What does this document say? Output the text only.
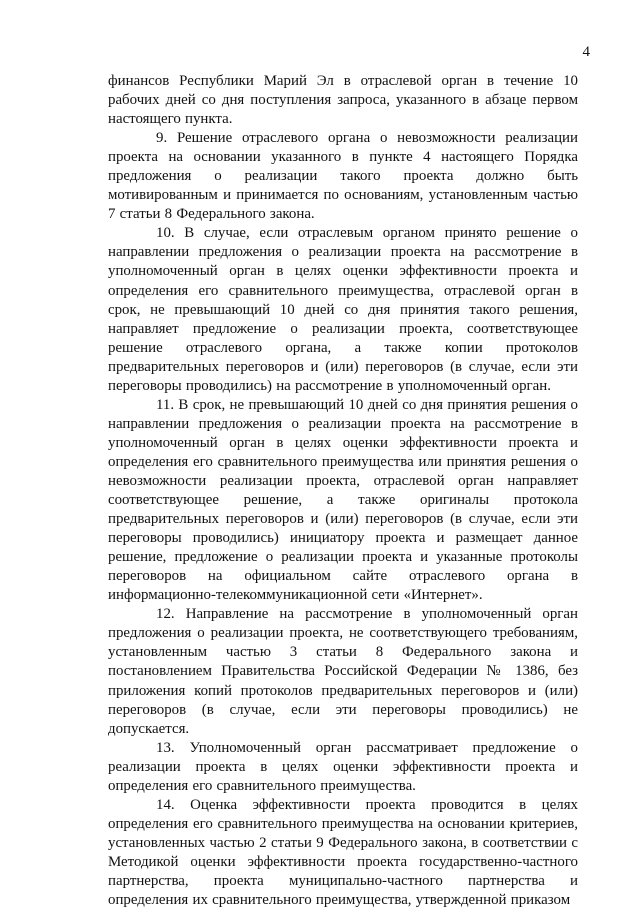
4

финансов Республики Марий Эл в отраслевой орган в течение 10 рабочих дней со дня поступления запроса, указанного в абзаце первом настоящего пункта.

9. Решение отраслевого органа о невозможности реализации проекта на основании указанного в пункте 4 настоящего Порядка предложения о реализации такого проекта должно быть мотивированным и принимается по основаниям, установленным частью 7 статьи 8 Федерального закона.

10. В случае, если отраслевым органом принято решение о направлении предложения о реализации проекта на рассмотрение в уполномоченный орган в целях оценки эффективности проекта и определения его сравнительного преимущества, отраслевой орган в срок, не превышающий 10 дней со дня принятия такого решения, направляет предложение о реализации проекта, соответствующее решение отраслевого органа, а также копии протоколов предварительных переговоров и (или) переговоров (в случае, если эти переговоры проводились) на рассмотрение в уполномоченный орган.

11. В срок, не превышающий 10 дней со дня принятия решения о направлении предложения о реализации проекта на рассмотрение в уполномоченный орган в целях оценки эффективности проекта и определения его сравнительного преимущества или принятия решения о невозможности реализации проекта, отраслевой орган направляет соответствующее решение, а также оригиналы протокола предварительных переговоров и (или) переговоров (в случае, если эти переговоры проводились) инициатору проекта и размещает данное решение, предложение о реализации проекта и указанные протоколы переговоров на официальном сайте отраслевого органа в информационно-телекоммуникационной сети «Интернет».

12. Направление на рассмотрение в уполномоченный орган предложения о реализации проекта, не соответствующего требованиям, установленным частью 3 статьи 8 Федерального закона и постановлением Правительства Российской Федерации № 1386, без приложения копий протоколов предварительных переговоров и (или) переговоров (в случае, если эти переговоры проводились) не допускается.

13. Уполномоченный орган рассматривает предложение о реализации проекта в целях оценки эффективности проекта и определения его сравнительного преимущества.

14. Оценка эффективности проекта проводится в целях определения его сравнительного преимущества на основании критериев, установленных частью 2 статьи 9 Федерального закона, в соответствии с Методикой оценки эффективности проекта государственно-частного партнерства, проекта муниципально-частного партнерства и определения их сравнительного преимущества, утвержденной приказом
